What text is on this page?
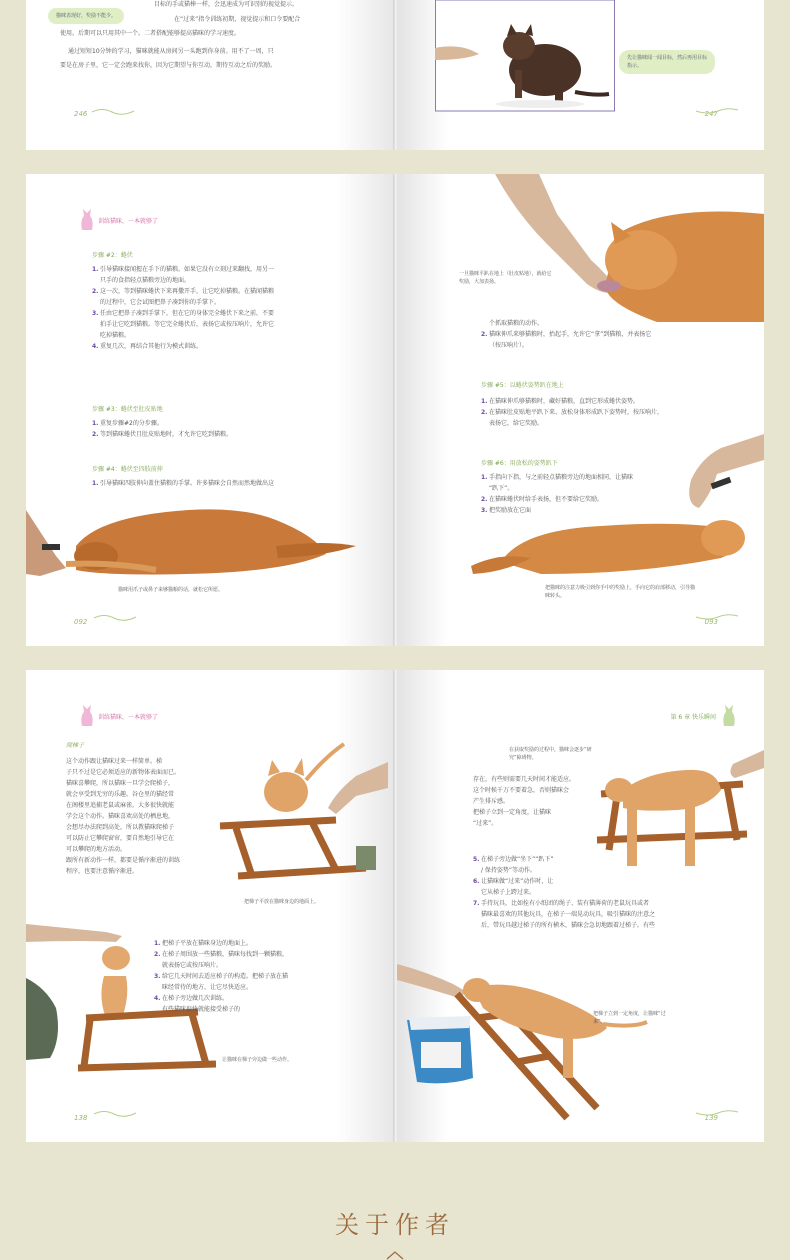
猫咪表现好，奖励不能少。
目标的手或猫棒一样，会迅速成为可识别的视觉提示。
在“过来”指令训练初期，视觉提示和口令要配合
使用。后期可以只用其中一个。二者搭配能够提高猫咪的学习速度。
通过短短10分钟的学习，猫咪就能从房间另一头跑到你身前。用不了一周，只
要是在房子里，它一定会跑来找你，因为它期望与你互动，期待互动之后的奖励。
246
先让猫咪闻一闻目标，然后再用目标指示。
247
训练猫咪，一本就够了
步骤 #2：蜷伏
1. 引导猫咪接闻握在手下的猫粮。如果它没有立刻过来翻找，用另一
只手的食指轻点猫粮旁边的地面。
2. 这一次，等到猫咪蜷伏下来再撒开手，让它吃掉猫粮。在猫闻猫粮
的过程中，它会试图把鼻子凑到你的手掌下。
3. 任由它把鼻子凑到手掌下，但在它的身体完全蜷伏下来之前，不要
拍手让它吃到猫粮。等它完全蜷伏后，表扬它或按压响片，允许它
吃掉猫粮。
4. 重复几次，再结合其他行为模式训练。
步骤 #3：蜷伏至肚皮贴地
1. 重复步骤#2的分步骤。
2. 等到猫咪蜷伏且肚皮贴地时，才允许它吃到猫粮。
步骤 #4：蜷伏至四肢前伸
1. 引导猫咪四肢伸向盖住猫粮的手掌。许多猫咪会自然而然地做出这
猫咪用爪子或鼻子来够猫粮的话，就松它所愿。
092
一旦猫咪平趴在地上（肚皮贴地），就给它奖励，大加表扬。
个抓取猫粮的动作。
2. 猫咪伸爪来够猫粮时，抬起手，允许它“拿”到猫粮，并表扬它
（按压响片）。
步骤 #5：以蜷伏姿势趴在地上
1. 在猫咪伸爪够猫粮时，藏好猫粮，直到它形成蜷伏姿势。
2. 在猫咪肚皮贴地平趴下来、放松身体形成趴下姿势时，按压响片，
表扬它，给它奖励。
步骤 #6：用放松的姿势趴下
1. 手指向下指，与之前轻点猫粮旁边的地面相同，让猫咪
“趴下”。
2. 在猫咪蜷伏时给手表扬，但不要给它奖励。
3. 把奖励放在它面
把猫咪的注意力吸引到你手中的奖励上，手向它的肩部移动，引导猫咪转头。
093
训练猫咪，一本就够了
爬梯子
这个动作跟让猫咪过来一样简单。梯
子只不过是它必须适应的新物体表面而已。
猫咪喜攀爬，所以猫咪一旦学会爬梯子，
就会享受到无穷的乐趣。谷仓里的猫经常
在阁楼里追捕老鼠或麻雀。大多很快就能
学会这个动作。猫咪喜欢高处的栖息地，
会想尽办法爬到高处，所以教猫咪爬梯子
可以防止它攀爬窗帘，要自然地引导它在
可以攀爬的地方活动。
跟所有新动作一样，都要是循序渐进的训练
程序，也要注意循序渐进。
把梯子平放在猫咪身边的地面上。
1. 把梯子平放在猫咪身边的地面上。
2. 在梯子周围放一些猫粮，猫咪每找到一颗猫粮，
就表扬它或按压响片。
3. 给它几天时间去适应梯子的构造。把梯子放在猫
咪经常待的地方，让它尽快适应。
4. 在梯子旁边做几次训练。
有些猫咪很快就能接受梯子的
让猫咪在梯子旁边做一些动作。
138
第 6 章 快乐瞬间
在获取奖励的过程中，猫咪会逐步“研究”障碍物。
存在，有些则需要几天时间才能适应。
这个时候千万不要着急，否则猫咪会
产生排斥感。
把梯子立到一定角度，让猫咪
“过来”。
5. 在梯子旁边做“坐下”“趴下”
/ 保持姿势”等动作。
6. 让猫咪做“过来”动作时，让
它从梯子上跨过来。
7. 手持玩具，比如拴有小纸团的绳子、装有猫薄荷的老鼠玩具或者
猫咪最喜欢的其他玩具，在梯子一端晃动玩具，吸引猫咪的注意之
后，带玩具越过梯子的所有横木，猫咪会急切地跟着过梯子。有些
把梯子立到一定角度，让猫咪“过来”。
139
关于作者
